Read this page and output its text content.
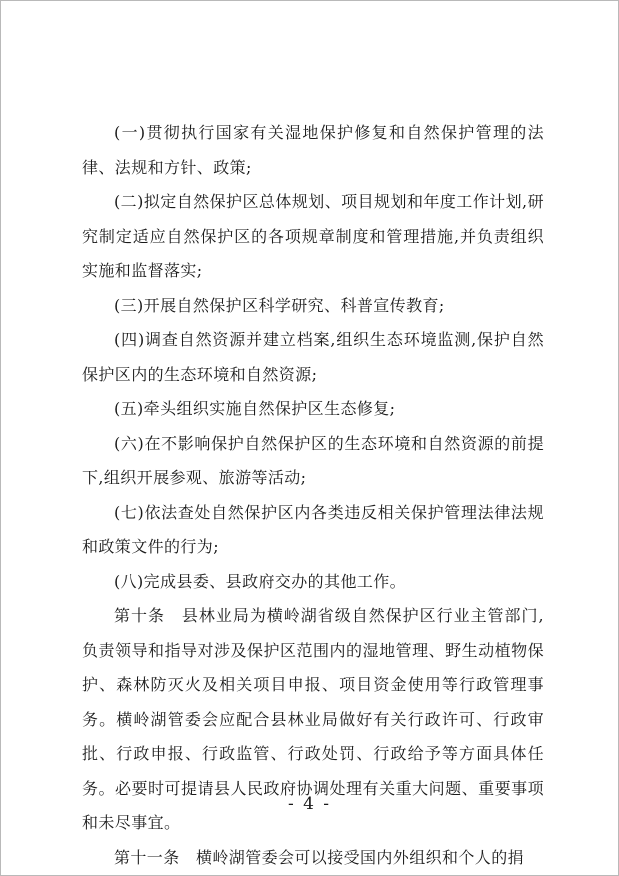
(一)贯彻执行国家有关湿地保护修复和自然保护管理的法律、法规和方针、政策;

(二)拟定自然保护区总体规划、项目规划和年度工作计划,研究制定适应自然保护区的各项规章制度和管理措施,并负责组织实施和监督落实;

(三)开展自然保护区科学研究、科普宣传教育;

(四)调查自然资源并建立档案,组织生态环境监测,保护自然保护区内的生态环境和自然资源;

(五)牵头组织实施自然保护区生态修复;

(六)在不影响保护自然保护区的生态环境和自然资源的前提下,组织开展参观、旅游等活动;

(七)依法查处自然保护区内各类违反相关保护管理法律法规和政策文件的行为;

(八)完成县委、县政府交办的其他工作。

第十条　县林业局为横岭湖省级自然保护区行业主管部门,负责领导和指导对涉及保护区范围内的湿地管理、野生动植物保护、森林防灭火及相关项目申报、项目资金使用等行政管理事务。横岭湖管委会应配合县林业局做好有关行政许可、行政审批、行政申报、行政监管、行政处罚、行政给予等方面具体任务。必要时可提请县人民政府协调处理有关重大问题、重要事项和未尽事宜。

第十一条　横岭湖管委会可以接受国内外组织和个人的捐

- 4 -
